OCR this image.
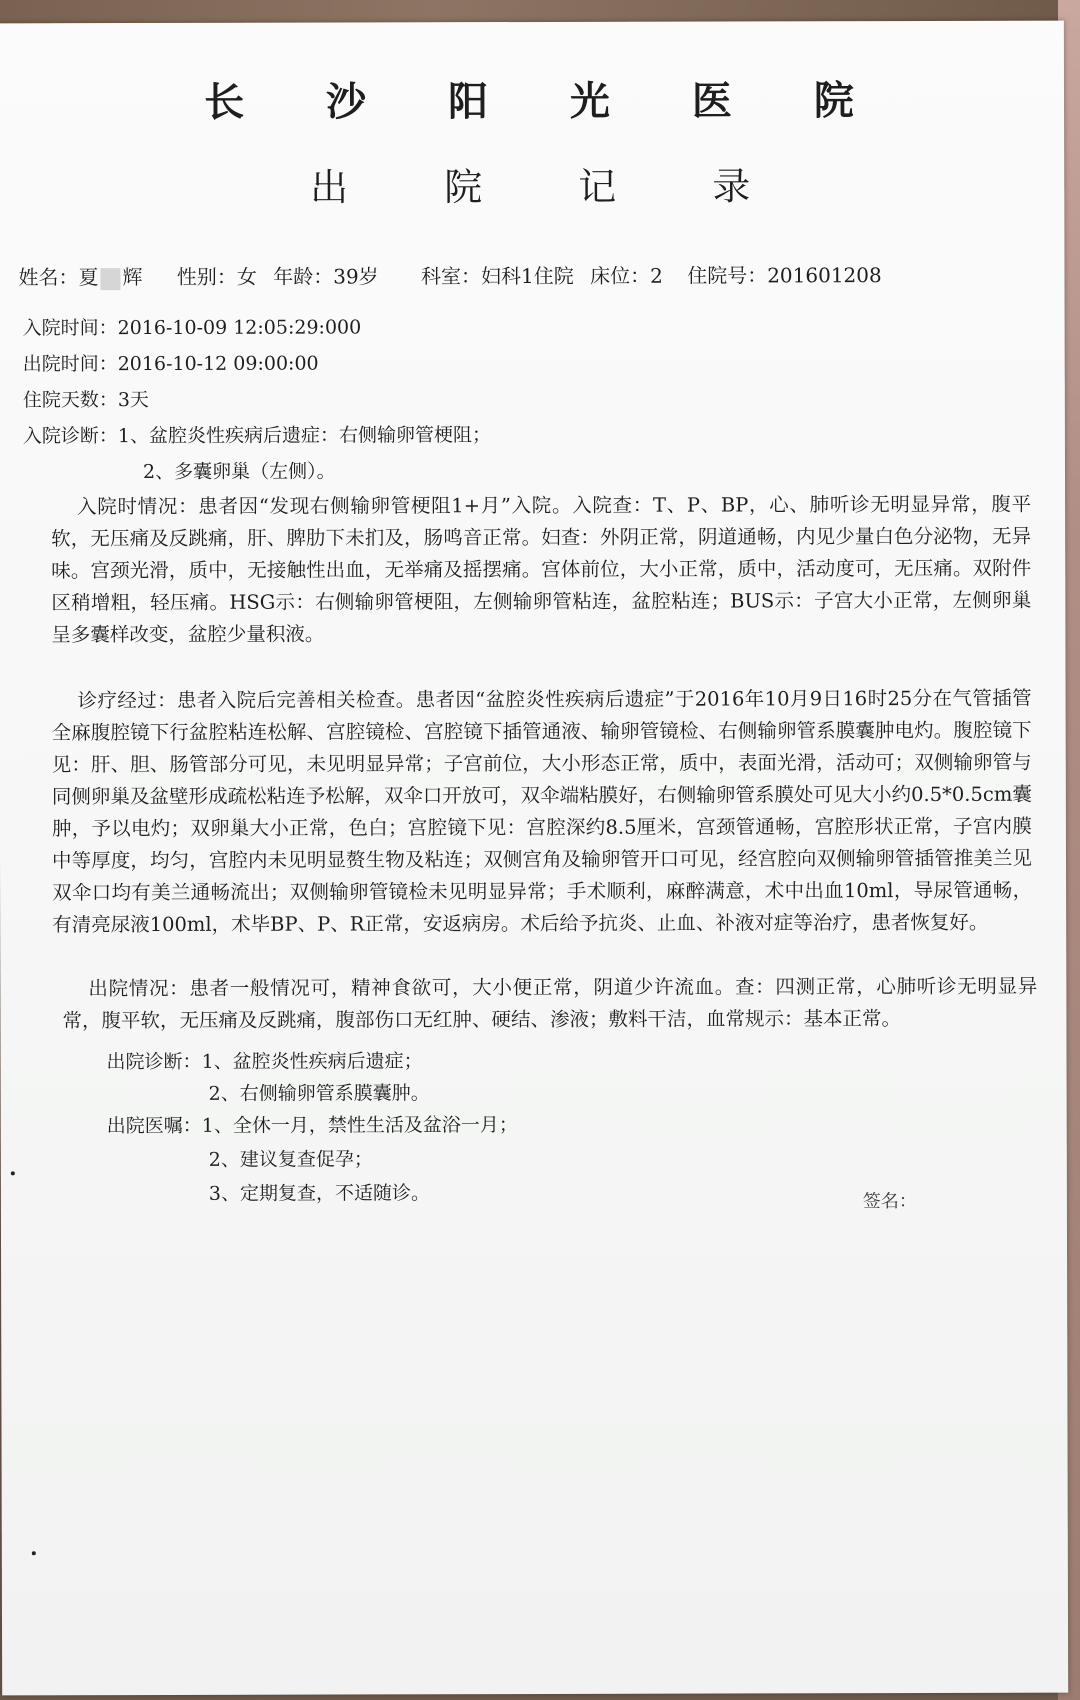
长 沙 阳 光 医 院
出 院 记 录
姓名：夏 辉 性别：女 年龄：39岁 科室：妇科1住院 床位：2 住院号：201601208
入院时间：2016-10-09 12:05:29:000
出院时间：2016-10-12 09:00:00
住院天数：3天
入院诊断：1、盆腔炎性疾病后遗症：右侧输卵管梗阻；
2、多囊卵巢（左侧）。
入院时情况：患者因“发现右侧输卵管梗阻1+月”入院。入院查：T、P、BP，心、肺听诊无明显异常，腹平软，无压痛及反跳痛，肝、脾肋下未扪及，肠鸣音正常。妇查：外阴正常，阴道通畅，内见少量白色分泌物，无异味。宫颈光滑，质中，无接触性出血，无举痛及摇摆痛。宫体前位，大小正常，质中，活动度可，无压痛。双附件区稍增粗，轻压痛。HSG示：右侧输卵管梗阻，左侧输卵管粘连，盆腔粘连；BUS示：子宫大小正常，左侧卵巢呈多囊样改变，盆腔少量积液。
诊疗经过：患者入院后完善相关检查。患者因“盆腔炎性疾病后遗症”于2016年10月9日16时25分在气管插管全麻腹腔镜下行盆腔粘连松解、宫腔镜检、宫腔镜下插管通液、输卵管镜检、右侧输卵管系膜囊肿电灼。腹腔镜下见：肝、胆、肠管部分可见，未见明显异常；子宫前位，大小形态正常，质中，表面光滑，活动可；双侧输卵管与同侧卵巢及盆壁形成疏松粘连予松解，双伞口开放可，双伞端粘膜好，右侧输卵管系膜处可见大小约0.5*0.5cm囊肿，予以电灼；双卵巢大小正常，色白；宫腔镜下见：宫腔深约8.5厘米，宫颈管通畅，宫腔形状正常，子宫内膜中等厚度，均匀，宫腔内未见明显赘生物及粘连；双侧宫角及输卵管开口可见，经宫腔向双侧输卵管插管推美兰见双伞口均有美兰通畅流出；双侧输卵管镜检未见明显异常；手术顺利，麻醉满意，术中出血10ml，导尿管通畅，有清亮尿液100ml，术毕BP、P、R正常，安返病房。术后给予抗炎、止血、补液对症等治疗，患者恢复好。
出院情况：患者一般情况可，精神食欲可，大小便正常，阴道少许流血。查：四测正常，心肺听诊无明显异常，腹平软，无压痛及反跳痛，腹部伤口无红肿、硬结、渗液；敷料干洁，血常规示：基本正常。
出院诊断：1、盆腔炎性疾病后遗症；
2、右侧输卵管系膜囊肿。
出院医嘱：1、全休一月，禁性生活及盆浴一月；
2、建议复查促孕；
3、定期复查，不适随诊。	签名：
